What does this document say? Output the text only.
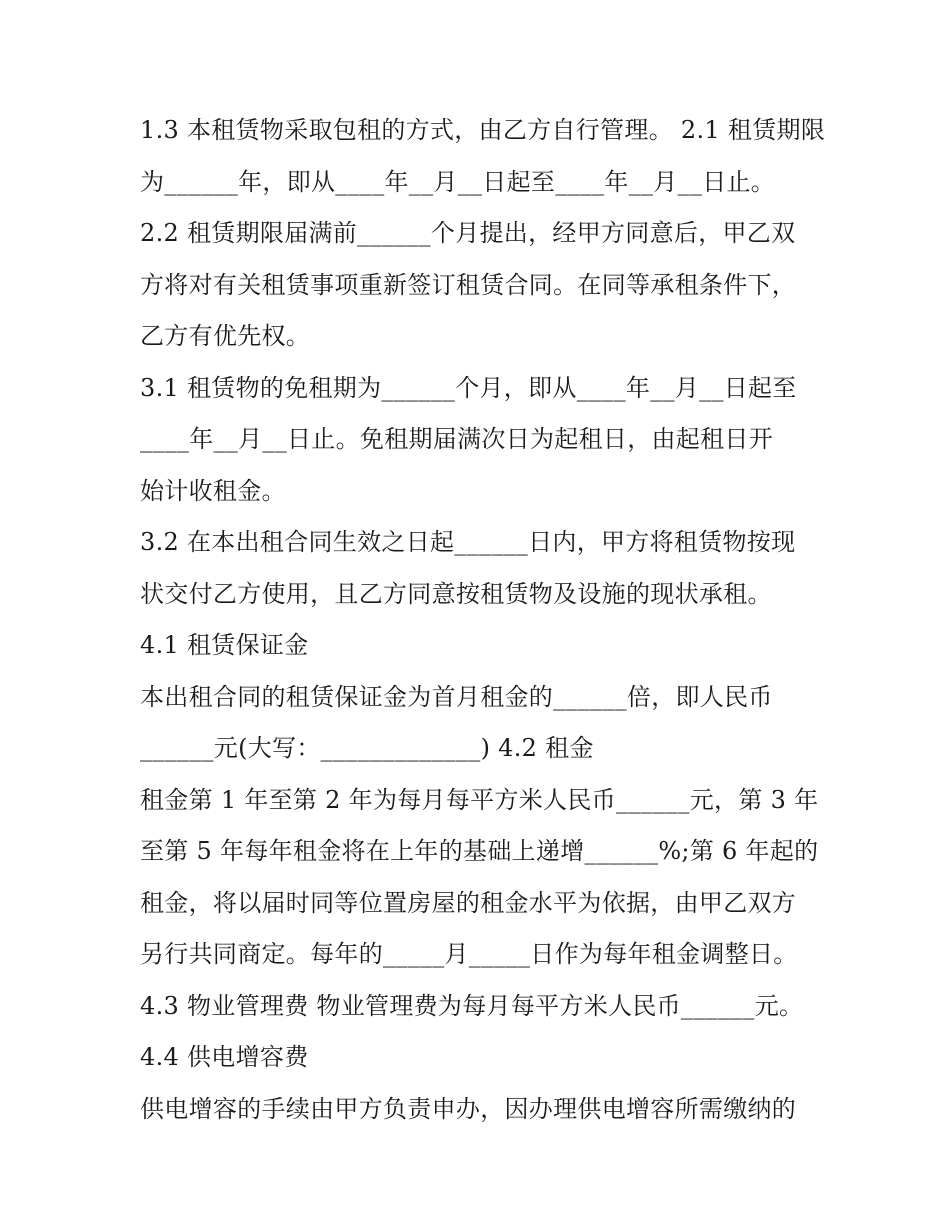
1.3 本租赁物采取包租的方式，由乙方自行管理。 2.1 租赁期限
为______年，即从____年__月__日起至____年__月__日止。
2.2 租赁期限届满前______个月提出，经甲方同意后，甲乙双
方将对有关租赁事项重新签订租赁合同。在同等承租条件下，
乙方有优先权。
3.1 租赁物的免租期为______个月，即从____年__月__日起至
____年__月__日止。免租期届满次日为起租日，由起租日开
始计收租金。
3.2 在本出租合同生效之日起______日内，甲方将租赁物按现
状交付乙方使用，且乙方同意按租赁物及设施的现状承租。
4.1 租赁保证金
本出租合同的租赁保证金为首月租金的______倍，即人民币
______元(大写：_____________) 4.2 租金
租金第 1 年至第 2 年为每月每平方米人民币______元，第 3 年
至第 5 年每年租金将在上年的基础上递增______%;第 6 年起的
租金，将以届时同等位置房屋的租金水平为依据，由甲乙双方
另行共同商定。每年的_____月_____日作为每年租金调整日。
4.3 物业管理费 物业管理费为每月每平方米人民币______元。
4.4 供电增容费
供电增容的手续由甲方负责申办，因办理供电增容所需缴纳的
